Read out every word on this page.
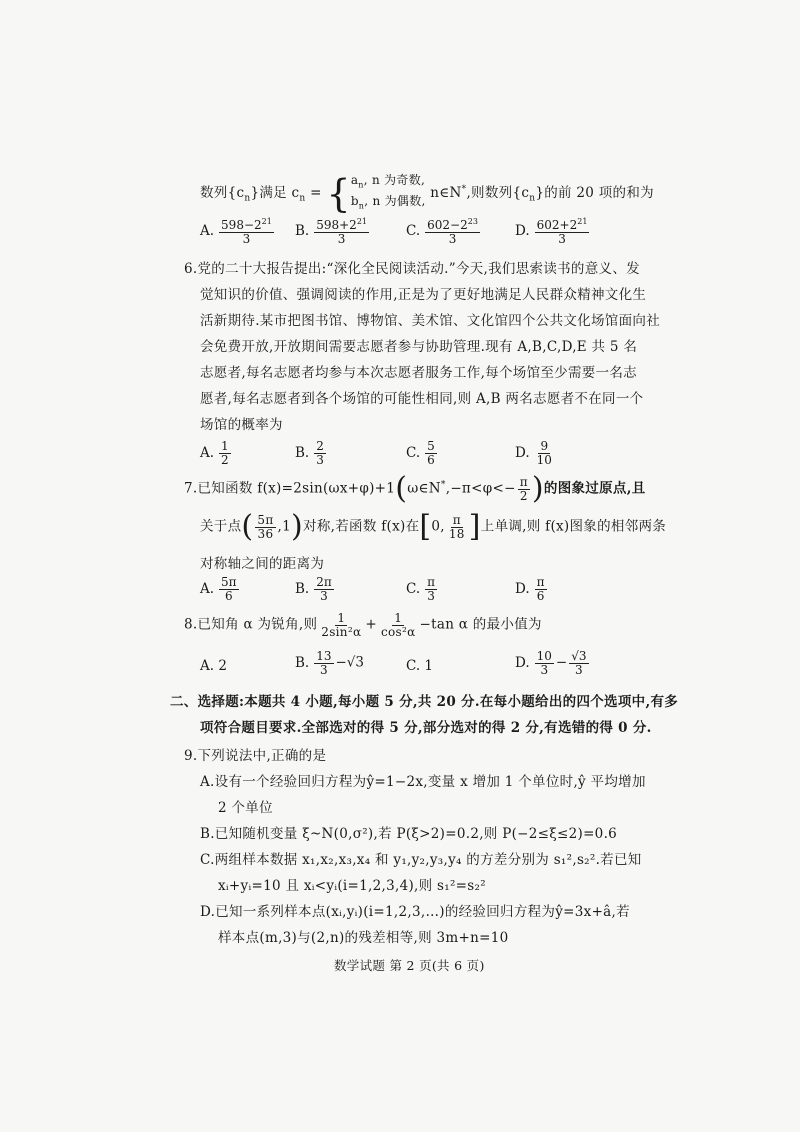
数列$\{c_n\}$满足 $c_n$ = { $a_n$, n 为奇数,
$b_n$, n 为偶数,
n∈N*,则数列$\{c_n\}$的前 20 项的和为
A. $\frac{598-2^{21}}{3} B$. $\frac{598+2^{21}}{3}$	C. $\frac{602-2^{23}}{3}$	D. $\frac{602+2^{21}}{3}$
6.党的二十大报告提出:“深化全民阅读活动.”今天,我们思索读书的意义、发
觉知识的价值、强调阅读的作用,正是为了更好地满足人民群众精神文化生
活新期待.某市把图书馆、博物馆、美术馆、文化馆四个公共文化场馆面向社
会免费开放,开放期间需要志愿者参与协助管理.现有 A,B,C,D,E 共 5 名
志愿者,每名志愿者均参与本次志愿者服务工作,每个场馆至少需要一名志
愿者,每名志愿者到各个场馆的可能性相同,则 A,B 两名志愿者不在同一个
场馆的概率为
A. $\frac{1}{2}$	B. $\frac{2}{3}$	C. $\frac{5}{6}$	D. $\frac{9}{10}$
7.已知函数 f(x)=2sin(ωx+φ)+1(ω∈N*,−π<φ<− $\frac{\pi}{2}$ )的图象过原点,且
关于点( $\frac{5\pi}{36} ,1$)对称,若函数 f(x)在[0, $\frac{\pi}{18}$ ]上单调,则 f(x)图象的相邻两条
对称轴之间的距离为
A. $\frac{5\pi}{6}$	B. $\frac{2\pi}{3}$	C. $\frac{\pi}{3}$	D. $\frac{\pi}{6}$
8.已知角 α 为锐角,则 $\frac{1}{\text{2sin²α}} + \frac{1}{\text{cos²α}} -\tan$ α 的最小值为
A. 2	B. $\frac{13}{3} -√3$	C. 1	D. $\frac{10}{3} - \frac{√3}{3}$
二、选择题:本题共 4 小题,每小题 5 分,共 20 分.在每小题给出的四个选项中,有多
项符合题目要求.全部选对的得 5 分,部分选对的得 2 分,有选错的得 0 分.
9.下列说法中,正确的是
A.设有一个经验回归方程为ŷ=1−2x,变量 x 增加 1 个单位时,ŷ 平均增加
2 个单位
B.已知随机变量 ξ~N(0,σ²),若 P(ξ>2)=0.2,则 P(−2≤ξ≤2)=0.6
C.两组样本数据 x₁,x₂,x₃,x₄ 和 y₁,y₂,y₃,y₄ 的方差分别为 s₁²,s₂².若已知
xᵢ+yᵢ=10 且 xᵢ<yᵢ(i=1,2,3,4),则 s₁²=s₂²
D.已知一系列样本点(xᵢ,yᵢ)(i=1,2,3,…)的经验回归方程为ŷ=3x+â,若
样本点(m,3)与(2,n)的残差相等,则 3m+n=10
数学试题 第 2 页(共 6 页)
